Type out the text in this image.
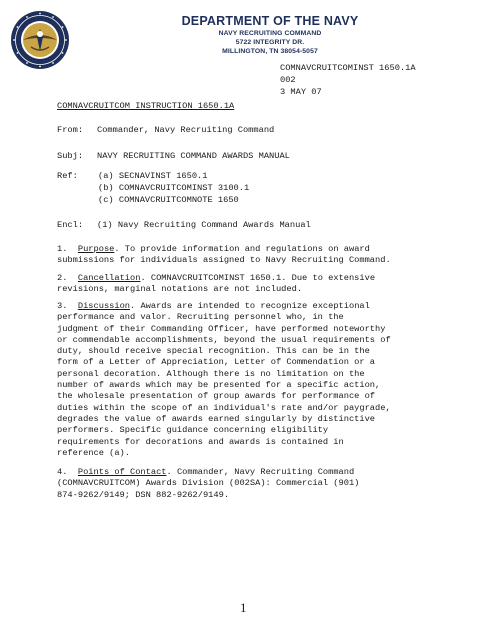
DEPARTMENT OF THE NAVY
NAVY RECRUITING COMMAND
5722 INTEGRITY DR.
MILLINGTON, TN 38054-5057
COMNAVCRUITCOMINST 1650.1A
002
3 MAY 07
COMNAVCRUITCOM INSTRUCTION 1650.1A
From: Commander, Navy Recruiting Command
Subj: NAVY RECRUITING COMMAND AWARDS MANUAL
Ref: (a) SECNAVINST 1650.1
(b) COMNAVCRUITCOMINST 3100.1
(c) COMNAVCRUITCOMNOTE 1650
Encl: (1) Navy Recruiting Command Awards Manual
1. Purpose. To provide information and regulations on award
submissions for individuals assigned to Navy Recruiting Command.
2. Cancellation. COMNAVCRUITCOMINST 1650.1. Due to extensive
revisions, marginal notations are not included.
3. Discussion. Awards are intended to recognize exceptional
performance and valor. Recruiting personnel who, in the
judgment of their Commanding Officer, have performed noteworthy
or commendable accomplishments, beyond the usual requirements of
duty, should receive special recognition. This can be in the
form of a Letter of Appreciation, Letter of Commendation or a
personal decoration. Although there is no limitation on the
number of awards which may be presented for a specific action,
the wholesale presentation of group awards for performance of
duties within the scope of an individual's rate and/or paygrade,
degrades the value of awards earned singularly by distinctive
performers. Specific guidance concerning eligibility
requirements for decorations and awards is contained in
reference (a).
4. Points of Contact. Commander, Navy Recruiting Command
(COMNAVCRUITCOM) Awards Division (002SA): Commercial (901)
874-9262/9149; DSN 882-9262/9149.
1
